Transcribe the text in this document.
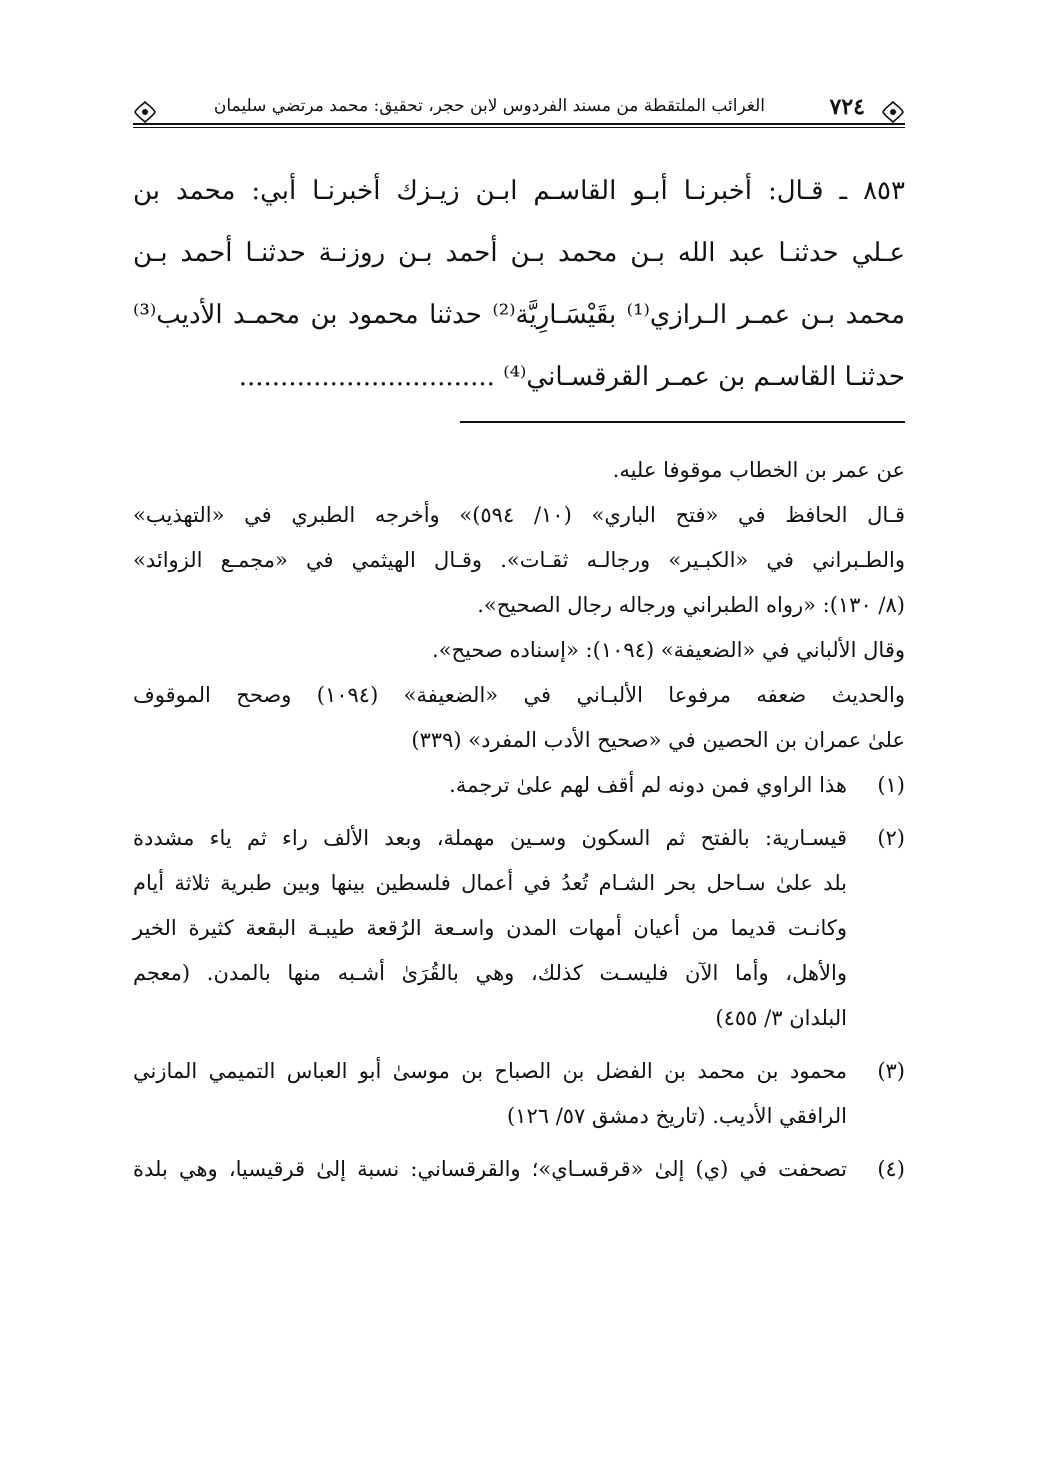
٧٢٤
الغرائب الملتقطة من مسند الفردوس لابن حجر، تحقيق: محمد مرتضي سليمان
٨٥٣ ـ قـال: أخبرنـا أبـو القاسـم ابـن زيـزك أخبرنـا أبي: محمد بن
عـلي حدثنـا عبد الله بـن محمد بـن أحمد بـن روزنـة حدثنـا أحمد بـن
محمد بـن عمـر الـرازي⁽¹⁾ بقَيْسَـارِيَّة⁽²⁾ حدثنا محمود بن محمـد الأديب⁽³⁾
حدثنـا القاسـم بن عمـر القرقسـاني⁽⁴⁾ ...............................
عن عمر بن الخطاب موقوفا عليه.
قـال الحافظ في «فتح الباري» (١٠/ ٥٩٤)» وأخرجه الطبري في «التهذيب»
والطـبراني في «الكبـير» ورجالـه ثقـات». وقـال الهيثمي في «مجمـع الزوائد»
(٨/ ١٣٠): «رواه الطبراني ورجاله رجال الصحيح».
وقال الألباني في «الضعيفة» (١٠٩٤): «إسناده صحيح».
والحديث ضعفه مرفوعا الألبـاني في «الضعيفة» (١٠٩٤) وصحح الموقوف
علىٰ عمران بن الحصين في «صحيح الأدب المفرد» (٣٣٩)
(١)
هذا الراوي فمن دونه لم أقف لهم علىٰ ترجمة.
(٢)
قيسـارية: بالفتح ثم السكون وسـين مهملة، وبعد الألف راء ثم ياء مشددة
بلد علىٰ سـاحل بحر الشـام تُعدُ في أعمال فلسطين بينها وبين طبرية ثلاثة أيام
وكانـت قديما من أعيان أمهات المدن واسـعة الرُقعة طيبـة البقعة كثيرة الخير
والأهل، وأما الآن فليسـت كذلك، وهي بالقُرَىٰ أشـبه منها بالمدن. (معجم
البلدان ٣/ ٤٥٥)
(٣)
محمود بن محمد بن الفضل بن الصباح بن موسىٰ أبو العباس التميمي المازني
الرافقي الأديب. (تاريخ دمشق ٥٧/ ١٢٦)
(٤)
تصحفت في (ي) إلىٰ «قرقسـاي»؛ والقرقساني: نسبة إلىٰ قرقيسيا، وهي بلدة
